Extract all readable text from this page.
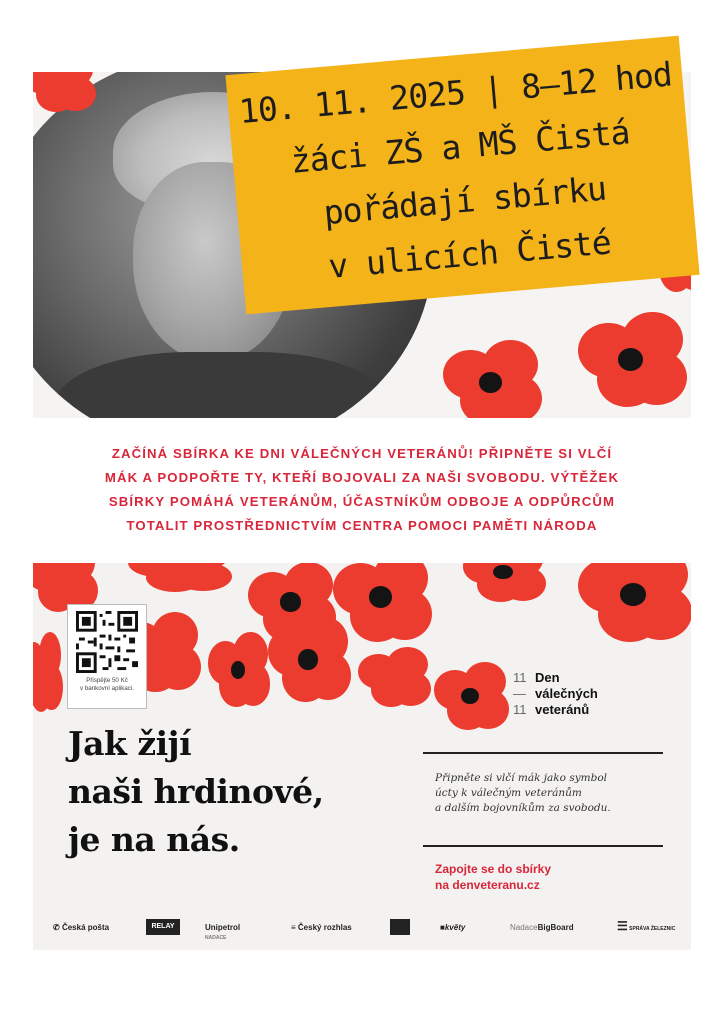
Přispějte 50 Kč
v bankovní aplikaci.
11 Den
— válečných
11 veteránů
Jak žijí
naši hrdinové,
je na nás.
Připněte si vlčí mák jako symbol
úcty k válečným veteránům
a dalším bojovníkům za svobodu.
Zapojte se do sbírky
na denveteranu.cz
✆ Česká pošta	RELAY	Unipetrol
NADACE
≡ Český rozhlas	■květy	NadaceBigBoard	☰ SPRÁVA ŽELEZNIC
ZAČÍNÁ SBÍRKA KE DNI VÁLEČNÝCH VETERÁNŮ! PŘIPNĚTE SI VLČÍ
MÁK A PODPOŘTE TY, KTEŘÍ BOJOVALI ZA NAŠI SVOBODU. VÝTĚŽEK
SBÍRKY POMÁHÁ VETERÁNŮM, ÚČASTNÍKŮM ODBOJE A ODPŮRCŮM
TOTALIT PROSTŘEDNICTVÍM CENTRA POMOCI PAMĚTI NÁRODA
10. 11. 2025 | 8–12 hod
žáci ZŠ a MŠ Čistá
pořádají sbírku
v ulicích Čisté
